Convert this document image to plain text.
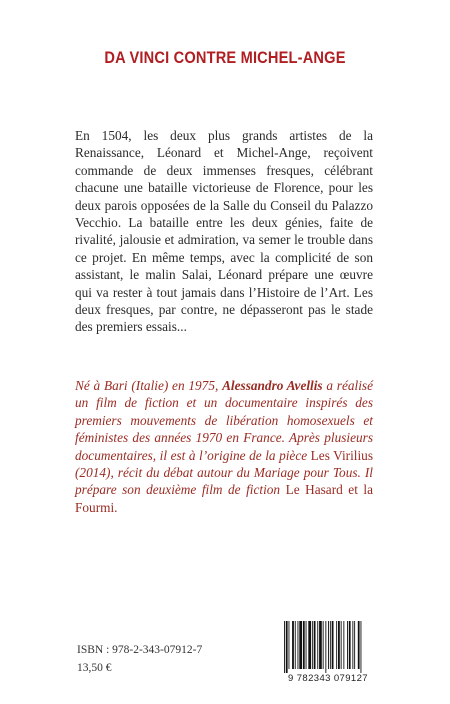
DA VINCI CONTRE MICHEL-ANGE

En 1504, les deux plus grands artistes de la Renaissance, Léonard et Michel-Ange, reçoivent commande de deux immenses fresques, célébrant chacune une bataille victorieuse de Florence, pour les deux parois opposées de la Salle du Conseil du Palazzo Vecchio. La bataille entre les deux génies, faite de rivalité, jalousie et admiration, va semer le trouble dans ce projet. En même temps, avec la complicité de son assistant, le malin Salai, Léonard prépare une œuvre qui va rester à tout jamais dans l’Histoire de l’Art. Les deux fresques, par contre, ne dépasseront pas le stade des premiers essais...

Né à Bari (Italie) en 1975, Alessandro Avellis a réalisé un film de fiction et un documentaire inspirés des premiers mouvements de libération homosexuels et féministes des années 1970 en France. Après plusieurs documentaires, il est à l’origine de la pièce Les Virilius (2014), récit du débat autour du Mariage pour Tous. Il prépare son deuxième film de fiction Le Hasard et la Fourmi.

ISBN : 978-2-343-07912-7
13,50 €
9 782343 079127
